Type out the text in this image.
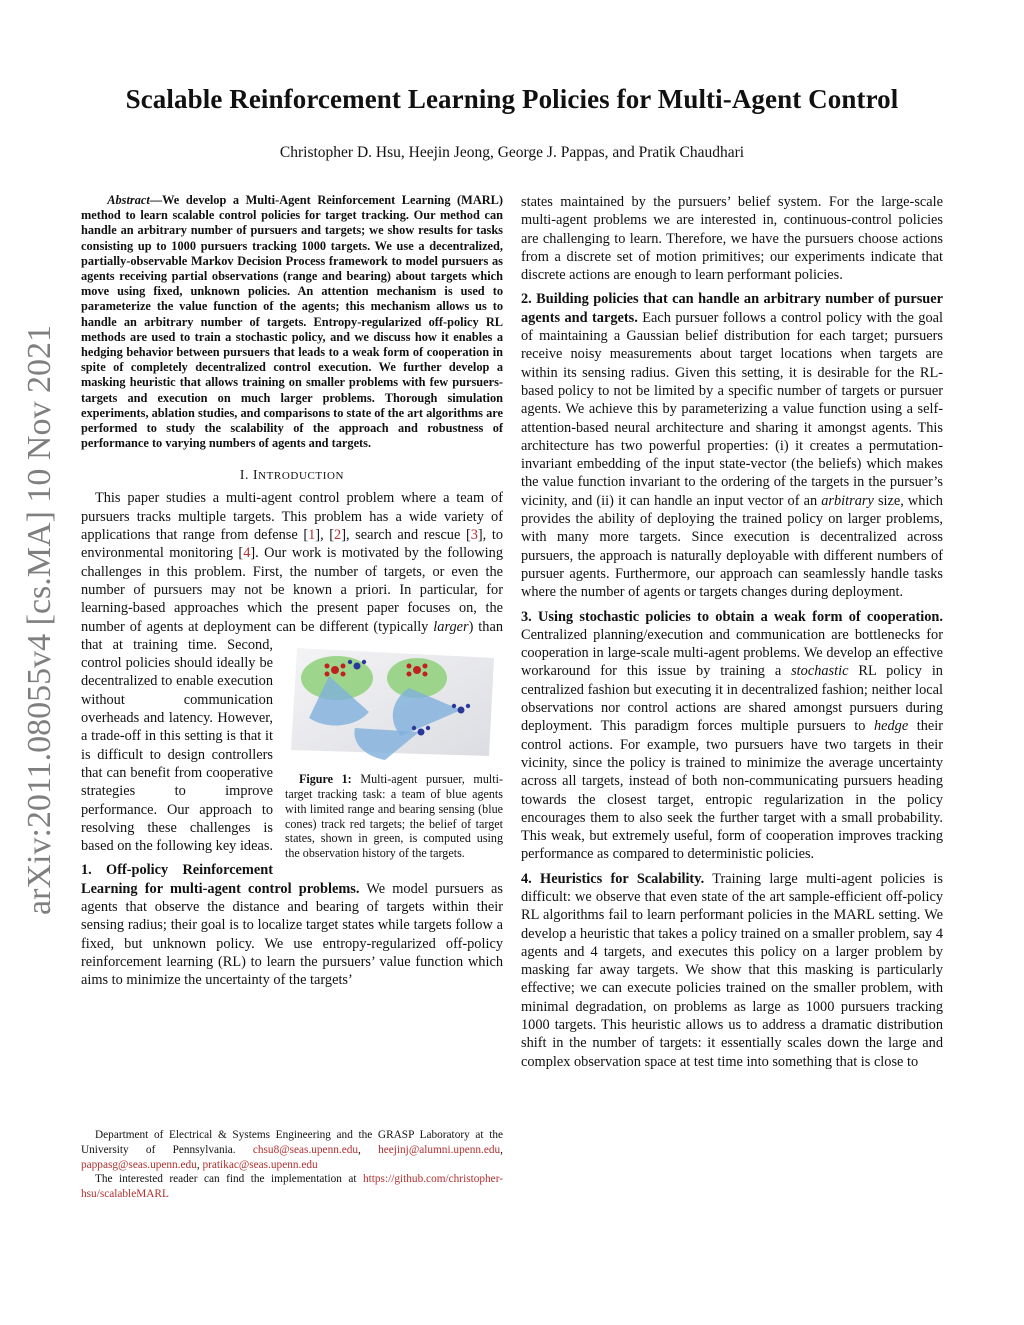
Scalable Reinforcement Learning Policies for Multi-Agent Control
Christopher D. Hsu, Heejin Jeong, George J. Pappas, and Pratik Chaudhari
arXiv:2011.08055v4 [cs.MA] 10 Nov 2021

Abstract—We develop a Multi-Agent Reinforcement Learning (MARL) method to learn scalable control policies for target tracking. Our method can handle an arbitrary number of pursuers and targets; we show results for tasks consisting up to 1000 pursuers tracking 1000 targets. We use a decentralized, partially-observable Markov Decision Process framework to model pursuers as agents receiving partial observations (range and bearing) about targets which move using fixed, unknown policies. An attention mechanism is used to parameterize the value function of the agents; this mechanism allows us to handle an arbitrary number of targets. Entropy-regularized off-policy RL methods are used to train a stochastic policy, and we discuss how it enables a hedging behavior between pursuers that leads to a weak form of cooperation in spite of completely decentralized control execution. We further develop a masking heuristic that allows training on smaller problems with few pursuers-targets and execution on much larger problems. Thorough simulation experiments, ablation studies, and comparisons to state of the art algorithms are performed to study the scalability of the approach and robustness of performance to varying numbers of agents and targets.

I. INTRODUCTION

This paper studies a multi-agent control problem where a team of pursuers tracks multiple targets. This problem has a wide variety of applications that range from defense [1], [2], search and rescue [3], to environmental monitoring [4]. Our work is motivated by the following challenges in this problem. First, the number of targets, or even the number of pursuers may not be known a priori. In particular, for learning-based approaches which the present paper focuses on, the number of agents at deployment can be different (typically
Figure 1: Multi-agent pursuer, multi-target tracking task: a team of blue agents with limited range and bearing sensing (blue cones) track red targets; the belief of target states, shown in green, is computed using the observation history of the targets.
larger) than that at training time. Second, control policies should ideally be decentralized to enable execution without communication overheads and latency. However, a trade-off in this setting is that it is difficult to design controllers that can benefit from cooperative strategies to improve performance. Our approach to resolving these challenges is based on the following key ideas.

1. Off-policy Reinforcement Learning for multi-agent control problems. We model pursuers as agents that observe the distance and bearing of targets within their sensing radius; their goal is to localize target states while targets follow a fixed, but unknown policy. We use entropy-regularized off-policy reinforcement learning (RL) to learn the pursuers’ value function which aims to minimize the uncertainty of the targets’

Department of Electrical & Systems Engineering and the GRASP Laboratory at the University of Pennsylvania. chsu8@seas.upenn.edu, heejinj@alumni.upenn.edu, pappasg@seas.upenn.edu, pratikac@seas.upenn.edu

The interested reader can find the implementation at https://github.com/christopher-hsu/scalableMARL

states maintained by the pursuers’ belief system. For the large-scale multi-agent problems we are interested in, continuous-control policies are challenging to learn. Therefore, we have the pursuers choose actions from a discrete set of motion primitives; our experiments indicate that discrete actions are enough to learn performant policies.

2. Building policies that can handle an arbitrary number of pursuer agents and targets. Each pursuer follows a control policy with the goal of maintaining a Gaussian belief distribution for each target; pursuers receive noisy measurements about target locations when targets are within its sensing radius. Given this setting, it is desirable for the RL-based policy to not be limited by a specific number of targets or pursuer agents. We achieve this by parameterizing a value function using a self-attention-based neural architecture and sharing it amongst agents. This architecture has two powerful properties: (i) it creates a permutation-invariant embedding of the input state-vector (the beliefs) which makes the value function invariant to the ordering of the targets in the pursuer’s vicinity, and (ii) it can handle an input vector of an arbitrary size, which provides the ability of deploying the trained policy on larger problems, with many more targets. Since execution is decentralized across pursuers, the approach is naturally deployable with different numbers of pursuer agents. Furthermore, our approach can seamlessly handle tasks where the number of agents or targets changes during deployment.

3. Using stochastic policies to obtain a weak form of cooperation. Centralized planning/execution and communication are bottlenecks for cooperation in large-scale multi-agent problems. We develop an effective workaround for this issue by training a stochastic RL policy in centralized fashion but executing it in decentralized fashion; neither local observations nor control actions are shared amongst pursuers during deployment. This paradigm forces multiple pursuers to hedge their control actions. For example, two pursuers have two targets in their vicinity, since the policy is trained to minimize the average uncertainty across all targets, instead of both non-communicating pursuers heading towards the closest target, entropic regularization in the policy encourages them to also seek the further target with a small probability. This weak, but extremely useful, form of cooperation improves tracking performance as compared to deterministic policies.

4. Heuristics for Scalability. Training large multi-agent policies is difficult: we observe that even state of the art sample-efficient off-policy RL algorithms fail to learn performant policies in the MARL setting. We develop a heuristic that takes a policy trained on a smaller problem, say 4 agents and 4 targets, and executes this policy on a larger problem by masking far away targets. We show that this masking is particularly effective; we can execute policies trained on the smaller problem, with minimal degradation, on problems as large as 1000 pursuers tracking 1000 targets. This heuristic allows us to address a dramatic distribution shift in the number of targets: it essentially scales down the large and complex observation space at test time into something that is close to
